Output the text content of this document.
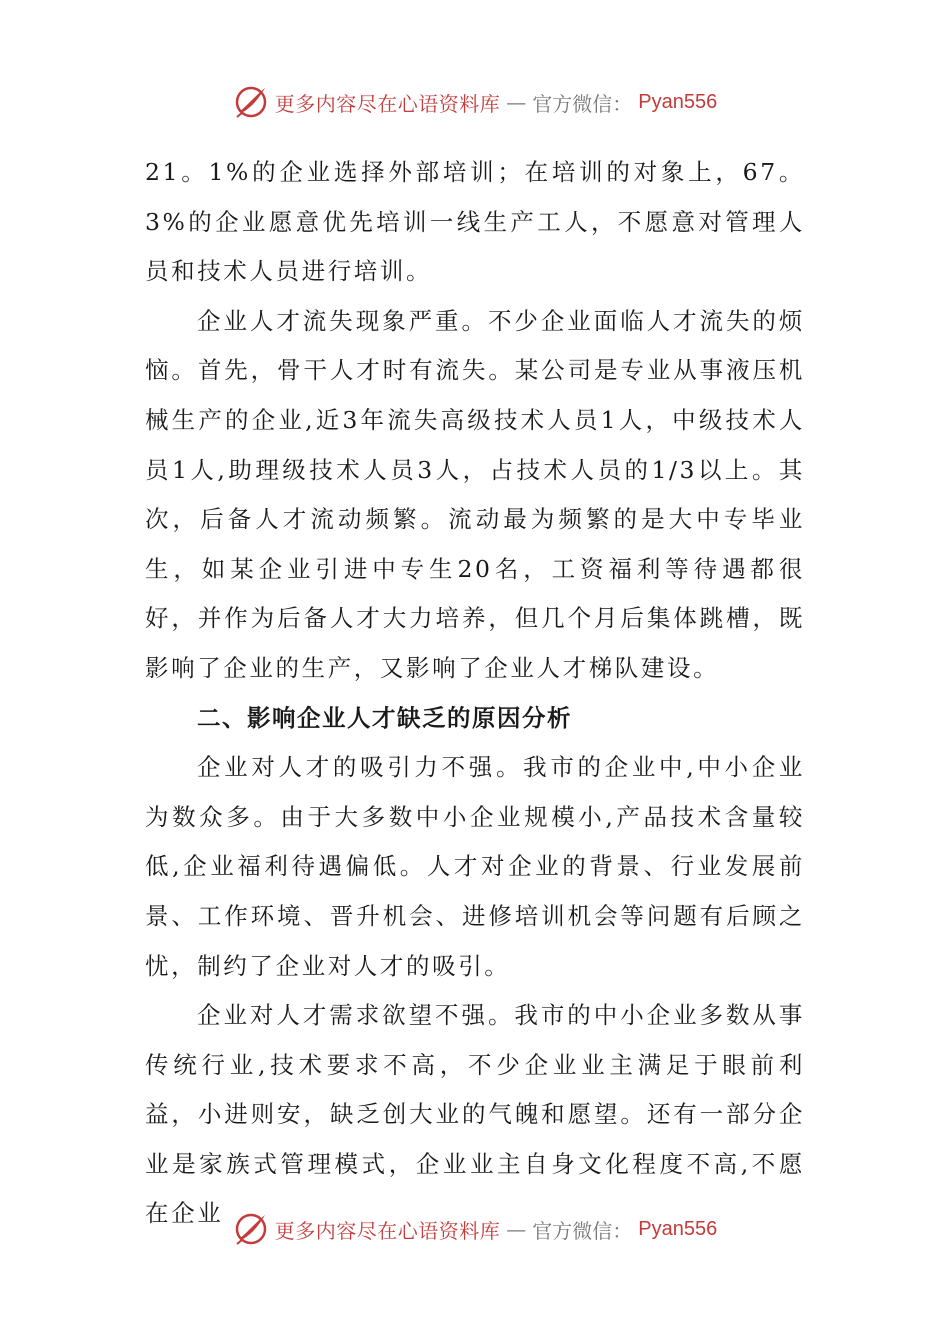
更多内容尽在心语资料库 — 官方微信： Pyan556

21。1%的企业选择外部培训；在培训的对象上，67。3%的企业愿意优先培训一线生产工人，不愿意对管理人员和技术人员进行培训。

企业人才流失现象严重。不少企业面临人才流失的烦恼。首先，骨干人才时有流失。某公司是专业从事液压机械生产的企业,近3年流失高级技术人员1人，中级技术人员1人,助理级技术人员3人，占技术人员的1/3以上。其次，后备人才流动频繁。流动最为频繁的是大中专毕业生，如某企业引进中专生20名，工资福利等待遇都很好，并作为后备人才大力培养，但几个月后集体跳槽，既影响了企业的生产，又影响了企业人才梯队建设。

二、影响企业人才缺乏的原因分析

企业对人才的吸引力不强。我市的企业中,中小企业为数众多。由于大多数中小企业规模小,产品技术含量较低,企业福利待遇偏低。人才对企业的背景、行业发展前景、工作环境、晋升机会、进修培训机会等问题有后顾之忧，制约了企业对人才的吸引。

企业对人才需求欲望不强。我市的中小企业多数从事传统行业,技术要求不高，不少企业业主满足于眼前利益，小进则安，缺乏创大业的气魄和愿望。还有一部分企业是家族式管理模式，企业业主自身文化程度不高,不愿在企业

更多内容尽在心语资料库 — 官方微信： Pyan556
